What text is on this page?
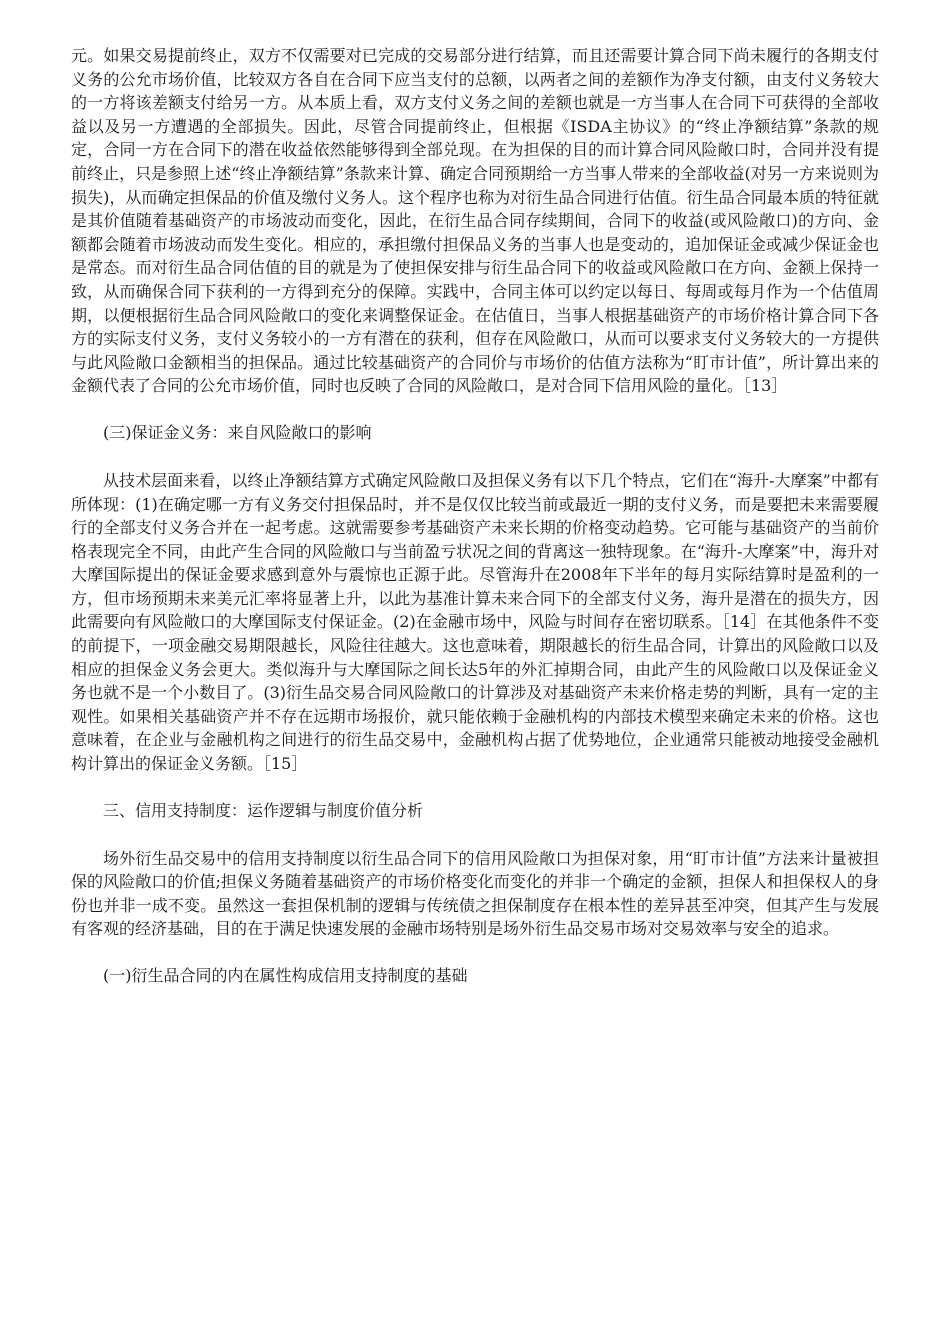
元。如果交易提前终止，双方不仅需要对已完成的交易部分进行结算，而且还需要计算合同下尚未履行的各期支付义务的公允市场价值，比较双方各自在合同下应当支付的总额，以两者之间的差额作为净支付额，由支付义务较大的一方将该差额支付给另一方。从本质上看，双方支付义务之间的差额也就是一方当事人在合同下可获得的全部收益以及另一方遭遇的全部损失。因此，尽管合同提前终止，但根据《ISDA主协议》的“终止净额结算”条款的规定，合同一方在合同下的潜在收益依然能够得到全部兑现。在为担保的目的而计算合同风险敞口时，合同并没有提前终止，只是参照上述“终止净额结算”条款来计算、确定合同预期给一方当事人带来的全部收益(对另一方来说则为损失)，从而确定担保品的价值及缴付义务人。这个程序也称为对衍生品合同进行估值。衍生品合同最本质的特征就是其价值随着基础资产的市场波动而变化，因此，在衍生品合同存续期间，合同下的收益(或风险敞口)的方向、金额都会随着市场波动而发生变化。相应的，承担缴付担保品义务的当事人也是变动的，追加保证金或减少保证金也是常态。而对衍生品合同估值的目的就是为了使担保安排与衍生品合同下的收益或风险敞口在方向、金额上保持一致，从而确保合同下获利的一方得到充分的保障。实践中，合同主体可以约定以每日、每周或每月作为一个估值周期，以便根据衍生品合同风险敞口的变化来调整保证金。在估值日，当事人根据基础资产的市场价格计算合同下各方的实际支付义务，支付义务较小的一方有潜在的获利，但存在风险敞口，从而可以要求支付义务较大的一方提供与此风险敞口金额相当的担保品。通过比较基础资产的合同价与市场价的估值方法称为“盯市计值”，所计算出来的金额代表了合同的公允市场价值，同时也反映了合同的风险敞口，是对合同下信用风险的量化。［13］

(三)保证金义务：来自风险敞口的影响

从技术层面来看，以终止净额结算方式确定风险敞口及担保义务有以下几个特点，它们在“海升-大摩案”中都有所体现：(1)在确定哪一方有义务交付担保品时，并不是仅仅比较当前或最近一期的支付义务，而是要把未来需要履行的全部支付义务合并在一起考虑。这就需要参考基础资产未来长期的价格变动趋势。它可能与基础资产的当前价格表现完全不同，由此产生合同的风险敞口与当前盈亏状况之间的背离这一独特现象。在“海升-大摩案”中，海升对大摩国际提出的保证金要求感到意外与震惊也正源于此。尽管海升在2008年下半年的每月实际结算时是盈利的一方，但市场预期未来美元汇率将显著上升，以此为基准计算未来合同下的全部支付义务，海升是潜在的损失方，因此需要向有风险敞口的大摩国际支付保证金。(2)在金融市场中，风险与时间存在密切联系。［14］在其他条件不变的前提下，一项金融交易期限越长，风险往往越大。这也意味着，期限越长的衍生品合同，计算出的风险敞口以及相应的担保金义务会更大。类似海升与大摩国际之间长达5年的外汇掉期合同，由此产生的风险敞口以及保证金义务也就不是一个小数目了。(3)衍生品交易合同风险敞口的计算涉及对基础资产未来价格走势的判断，具有一定的主观性。如果相关基础资产并不存在远期市场报价，就只能依赖于金融机构的内部技术模型来确定未来的价格。这也意味着，在企业与金融机构之间进行的衍生品交易中，金融机构占据了优势地位，企业通常只能被动地接受金融机构计算出的保证金义务额。［15］

三、信用支持制度：运作逻辑与制度价值分析

场外衍生品交易中的信用支持制度以衍生品合同下的信用风险敞口为担保对象，用“盯市计值”方法来计量被担保的风险敞口的价值;担保义务随着基础资产的市场价格变化而变化的并非一个确定的金额，担保人和担保权人的身份也并非一成不变。虽然这一套担保机制的逻辑与传统债之担保制度存在根本性的差异甚至冲突，但其产生与发展有客观的经济基础，目的在于满足快速发展的金融市场特别是场外衍生品交易市场对交易效率与安全的追求。

(一)衍生品合同的内在属性构成信用支持制度的基础
